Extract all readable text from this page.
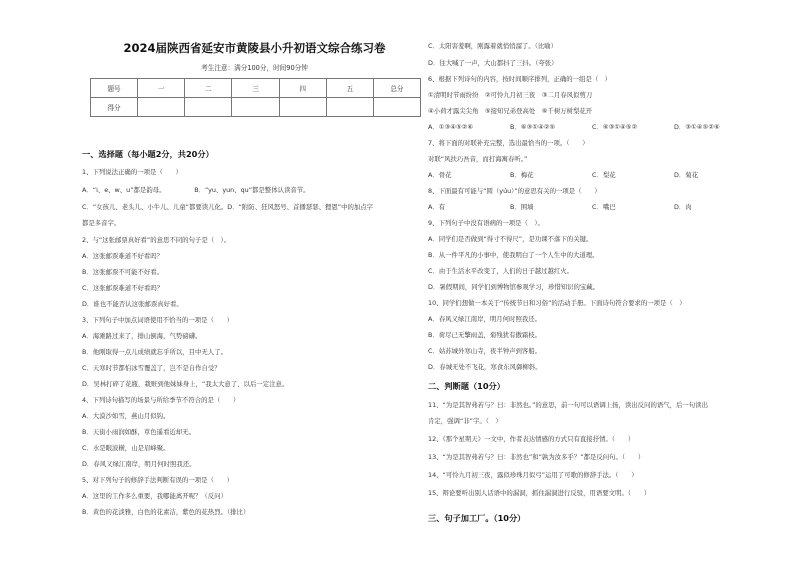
2024届陕西省延安市黄陵县小升初语文综合练习卷
考生注意：满分100分，时间90分钟
题号	一	二	三	四	五	总分
得分						
一、选择题（每小题2分，共20分）
1、下列说法正确的一项是（　　）
A．“i、e、w、u”都是韵母。　　　　　B．“yu、yun、qu”都是整体认读音节。
C．“女孩儿、老头儿、小牛儿、儿童”都要读儿化。D．“附防、狂风怒号、首播瑟瑟、狸恩”中的加点字
都是多音字。
2、与“这张邮票真好看”的意思不同的句子是（　）。
A．这张邮票难道不好看吗？
B．这张邮票不可能不好看。
C．这张邮票难道不好看吗？
D．谁也不能否认这张邮票真好看。
3、下列句子中加点词语使用不恰当的一项是（　　）
A．海滩路过来了，排山倒海，气势磅礴。
B．他刚取得一点儿成绩就忘乎所以，目中无人了。
C．天寒时节都怕冰雪覆盖了，岂不是自作自受？
D．吴林打碎了花瓶，栽赃到他妹妹身上，“我太大意了，以后一定注意。
4、下列诗句描写的场景与所给季节不符合的是（　　）
A．大漠沙如雪，燕山月似钩。
B．天街小雨润如酥，草色遥看近却无。
C．水是眼波横，山是眉峰聚。
D．春风又绿江南岸，明月何时照我还。
5、对下列句子的修辞手法判断有误的一项是（　　）
A．这里的工作多么重要，我哪能离开呢？（反问）
B．黄色的花淡雅，白色的花素洁，紫色的花热烈。（排比）
C．太阳害羞啊，刚露着就悄悄溜了。（比喻）
D．往大喊了一声，大山都抖了三抖。（夸张）
6、根据下列诗句的内容，按时间顺序排列，正确的一组是（　）
①清明时节雨纷纷　②可怜九月初三夜　③二月春风似剪刀
④小荷才露尖尖角　⑤接知兄弟登高处　⑥千树万树梨花开
A．①③④⑤②⑥	B．⑥③①④②⑤	C．⑥③①④⑤②	D．③①④⑤②⑥
7、将下面的对联补充完整，选出最恰当的一项。（　　）
对联“风扶巧吾音，而打海寓春听。”
A．骨花	B．梅花	C．梨花	D．菊花
8、下面最有可能与“圆（yúu）”的意思有关的一项是（　　）
A．有	B．围墙	C．嘴巴	D．肉
9、下列句子中没有语病的一项是（　）。
A．同学们是否做到“得寸不得尺”，是功课不落下的关键。
B．从一件平凡的小事中，使我明白了一个人生中的大道理。
C．由于生活水平改变了，人们的日子越过越红火。
D．暑假期间，同学们到博物馆参观学习，珍惜知识的宝藏。
10、同学们想做一本关于“传统节日和习俗”的活动手册。下面诗句符合要求的一项是（　）
A．春风又绿江南岸，明月何时照我还。
B．荷尽已无擎雨盖，菊残犹有傲霜枝。
C．姑苏城外寒山寺，夜半钟声到客船。
D．春城无处不飞花，寒食东风御柳斜。
二、判断题（10分）
11、“为是其智弗若与？曰：非然也。”的意思，前一句可以语调上扬，读出反问的语气，后一句读出
肯定，强调“非”字。（　）
12、《那个星期天》一文中，作者表达情感的方式只有直接抒情。（　　）
13、“为是其智弗若与？曰：非然也”和“孰为汝多乎？”都是反问句。（　　）
14、“可怜九月初三夜，露似珍珠月似弓”运用了可歌的修辞手法。（　　）
15、辩论要听出别人话语中的漏洞，抓住漏洞进行反驳，用语要文明。（　　）
三、句子加工厂。（10分）
